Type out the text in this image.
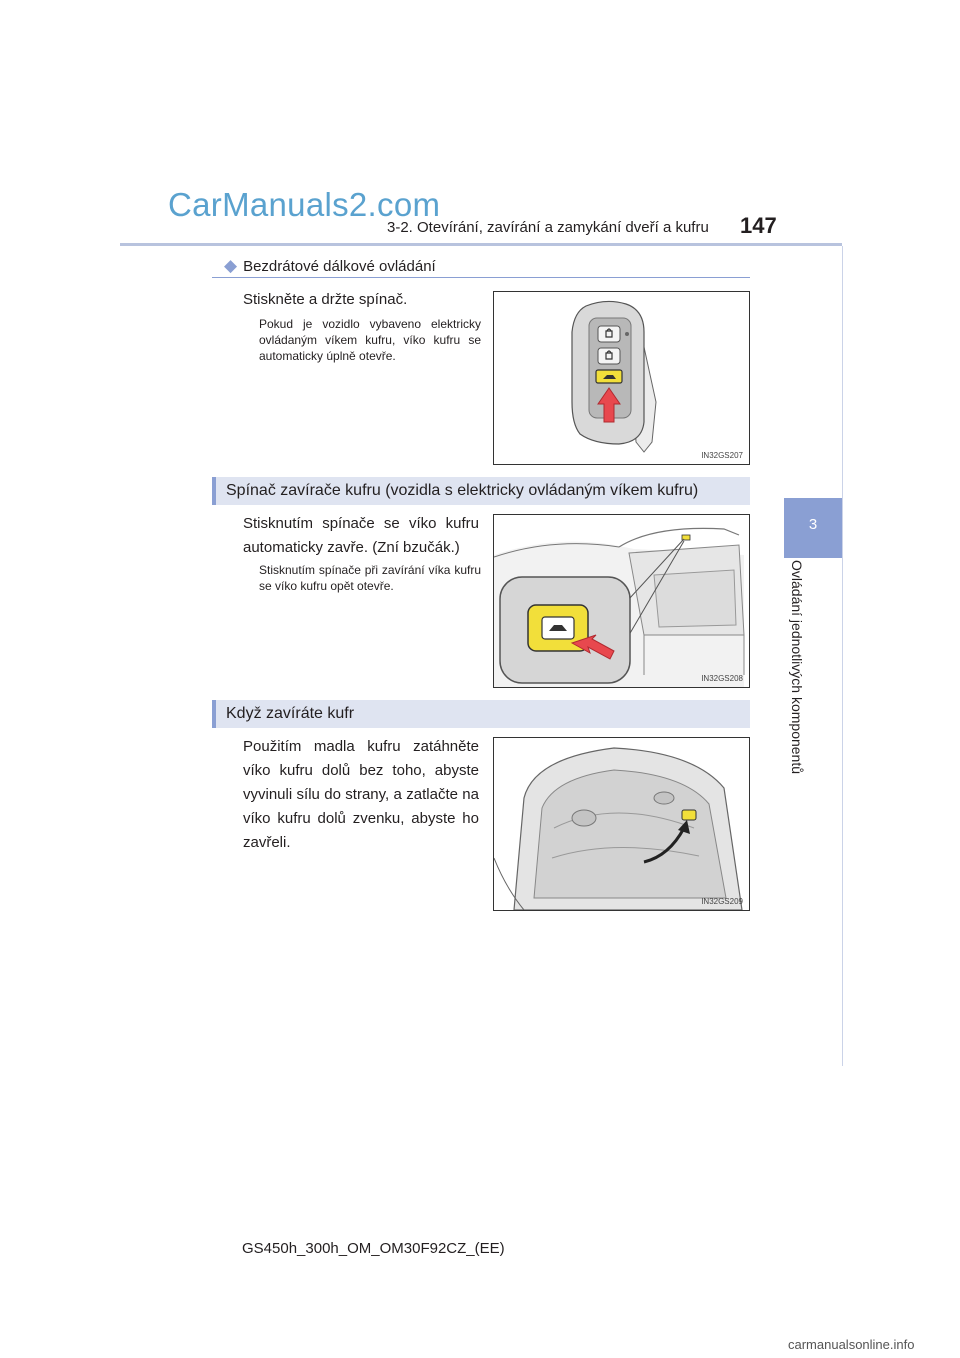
CarManuals2.com
3-2. Otevírání, zavírání a zamykání dveří a kufru 147
3
Ovládání jednotlivých komponentů
◆ Bezdrátové dálkové ovládání
Stiskněte a držte spínač.
Pokud je vozidlo vybaveno elektricky ovládaným víkem kufru, víko kufru se automaticky úplně otevře.
IN32GS207
Spínač zavírače kufru (vozidla s elektricky ovládaným víkem kufru)
Stisknutím spínače se víko kufru automaticky zavře. (Zní bzučák.)
Stisknutím spínače při zavírání víka kufru se víko kufru opět otevře.
IN32GS208
Když zavíráte kufr
Použitím madla kufru zatáhněte víko kufru dolů bez toho, abyste vyvinuli sílu do strany, a zatlačte na víko kufru dolů zvenku, abyste ho zavřeli.
IN32GS209
GS450h_300h_OM_OM30F92CZ_(EE)
carmanualsonline.info
